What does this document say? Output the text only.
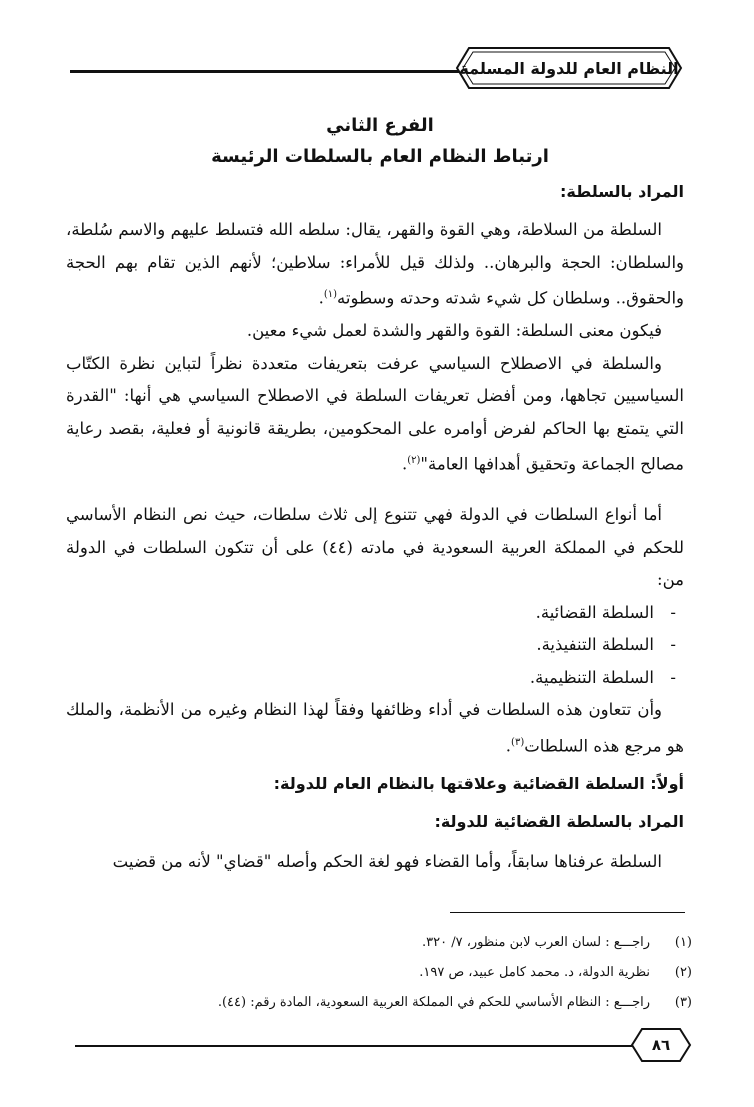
النظام العام للدولة المسلمة
الفرع الثاني
ارتباط النظام العام بالسلطات الرئيسة
المراد بالسلطة:

السلطة من السلاطة، وهي القوة والقهر، يقال: سلطه الله فتسلط عليهم والاسم سُلطة، والسلطان: الحجة والبرهان.. ولذلك قيل للأمراء: سلاطين؛ لأنهم الذين تقام بهم الحجة والحقوق.. وسلطان كل شيء شدته وحدته وسطوته$^{(١)}$.

فيكون معنى السلطة: القوة والقهر والشدة لعمل شيء معين.

والسلطة في الاصطلاح السياسي عرفت بتعريفات متعددة نظراً لتباين نظرة الكتّاب السياسيين تجاهها، ومن أفضل تعريفات السلطة في الاصطلاح السياسي هي أنها: "القدرة التي يتمتع بها الحاكم لفرض أوامره على المحكومين، بطريقة قانونية أو فعلية، بقصد رعاية مصالح الجماعة وتحقيق أهدافها العامة"$^{(٢)}$.

أما أنواع السلطات في الدولة فهي تتنوع إلى ثلاث سلطات، حيث نص النظام الأساسي للحكم في المملكة العربية السعودية في مادته (٤٤) على أن تتكون السلطات في الدولة من:

-
السلطة القضائية.
-
السلطة التنفيذية.
-
السلطة التنظيمية.

وأن تتعاون هذه السلطات في أداء وظائفها وفقاً لهذا النظام وغيره من الأنظمة، والملك هو مرجع هذه السلطات$^{(٣)}$.

أولاً: السلطة القضائية وعلاقتها بالنظام العام للدولة:
المراد بالسلطة القضائية للدولة:

السلطة عرفناها سابقاً، وأما القضاء فهو لغة الحكم وأصله "قضاي" لأنه من قضيت

(١)
راجـــع : لسان العرب لابن منظور، ٧/ ٣٢٠.
(٢)
نظرية الدولة، د. محمد كامل عبيد، ص ١٩٧.
(٣)
راجـــع : النظام الأساسي للحكم في المملكة العربية السعودية، المادة رقم: (٤٤).
٨٦
